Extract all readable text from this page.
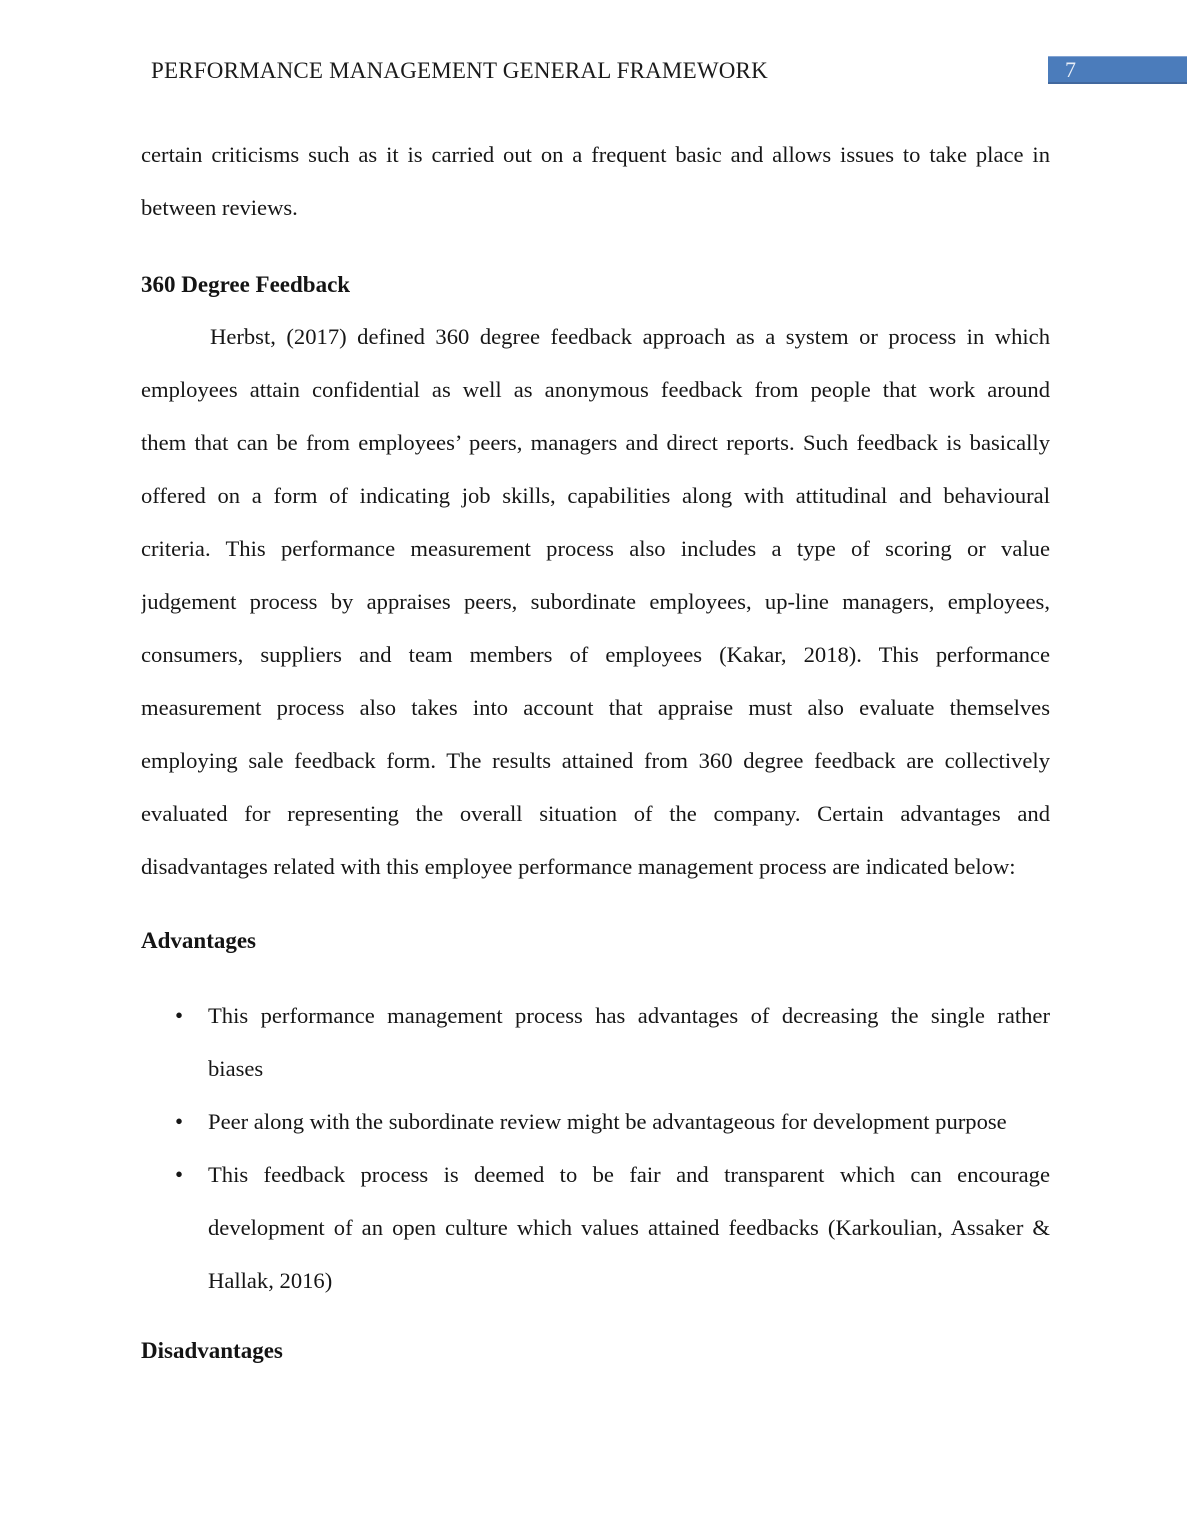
PERFORMANCE MANAGEMENT GENERAL FRAMEWORK	7
certain criticisms such as it is carried out on a frequent basic and allows issues to take place in
between reviews.
360 Degree Feedback
Herbst, (2017) defined 360 degree feedback approach as a system or process in which
employees attain confidential as well as anonymous feedback from people that work around
them that can be from employees’ peers, managers and direct reports. Such feedback is basically
offered on a form of indicating job skills, capabilities along with attitudinal and behavioural
criteria. This performance measurement process also includes a type of scoring or value
judgement process by appraises peers, subordinate employees, up-line managers, employees,
consumers, suppliers and team members of employees (Kakar, 2018). This performance
measurement process also takes into account that appraise must also evaluate themselves
employing sale feedback form. The results attained from 360 degree feedback are collectively
evaluated for representing the overall situation of the company. Certain advantages and
disadvantages related with this employee performance management process are indicated below:
Advantages
• This performance management process has advantages of decreasing the single rather
biases
• Peer along with the subordinate review might be advantageous for development purpose
• This feedback process is deemed to be fair and transparent which can encourage
development of an open culture which values attained feedbacks (Karkoulian, Assaker &
Hallak, 2016)
Disadvantages
